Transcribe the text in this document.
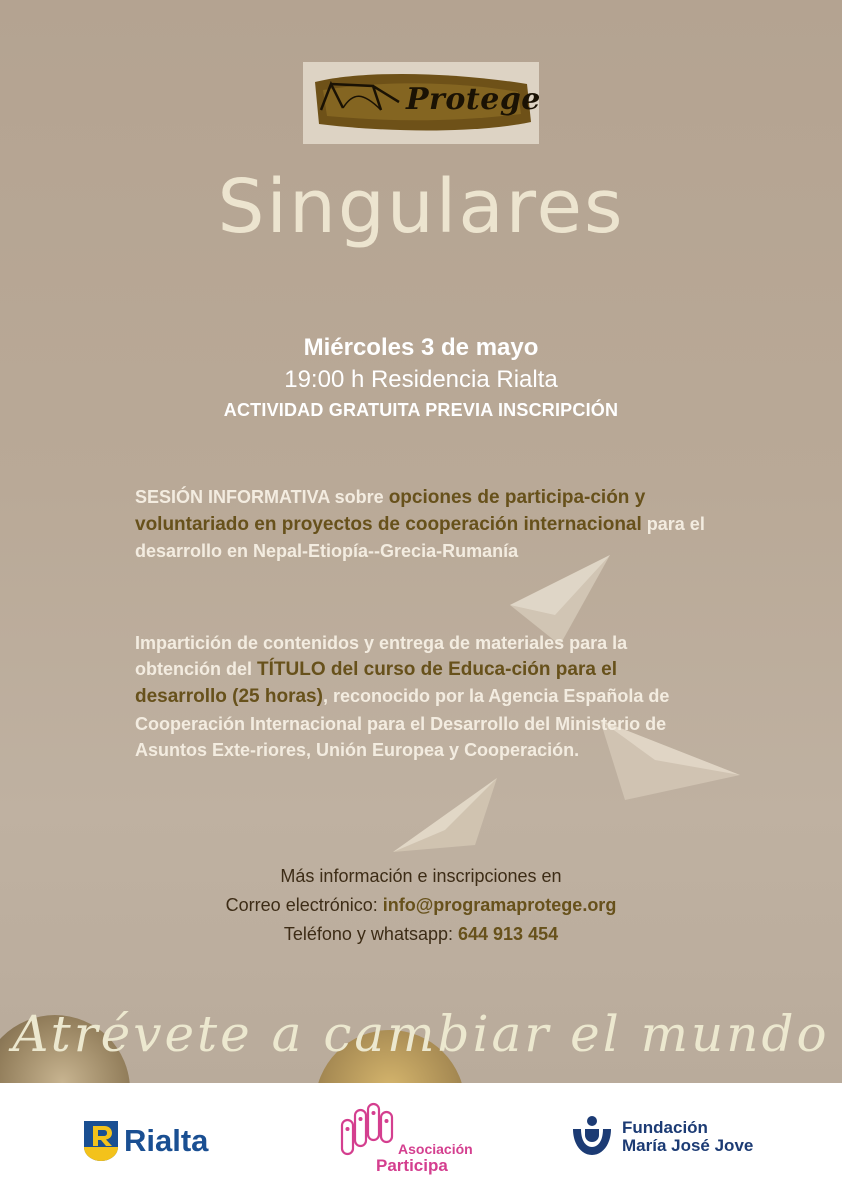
Protege
Singulares
Miércoles 3 de mayo
19:00 h Residencia Rialta
ACTIVIDAD GRATUITA PREVIA INSCRIPCIÓN
SESIÓN INFORMATIVA sobre opciones de participa-ción y voluntariado en proyectos de cooperación internacional para el desarrollo en Nepal-Etiopía--Grecia-Rumanía
Impartición de contenidos y entrega de materiales para la obtención del TÍTULO del curso de Educa-ción para el desarrollo (25 horas), reconocido por la Agencia Española de Cooperación Internacional para el Desarrollo del Ministerio de Asuntos Exte-riores, Unión Europea y Cooperación.
Más información e inscripciones en
Correo electrónico: info@programaprotege.org
Teléfono y whatsapp: 644 913 454
Atrévete a cambiar el mundo
Rialta	Asociación
Participa
Fundación
María José Jove
